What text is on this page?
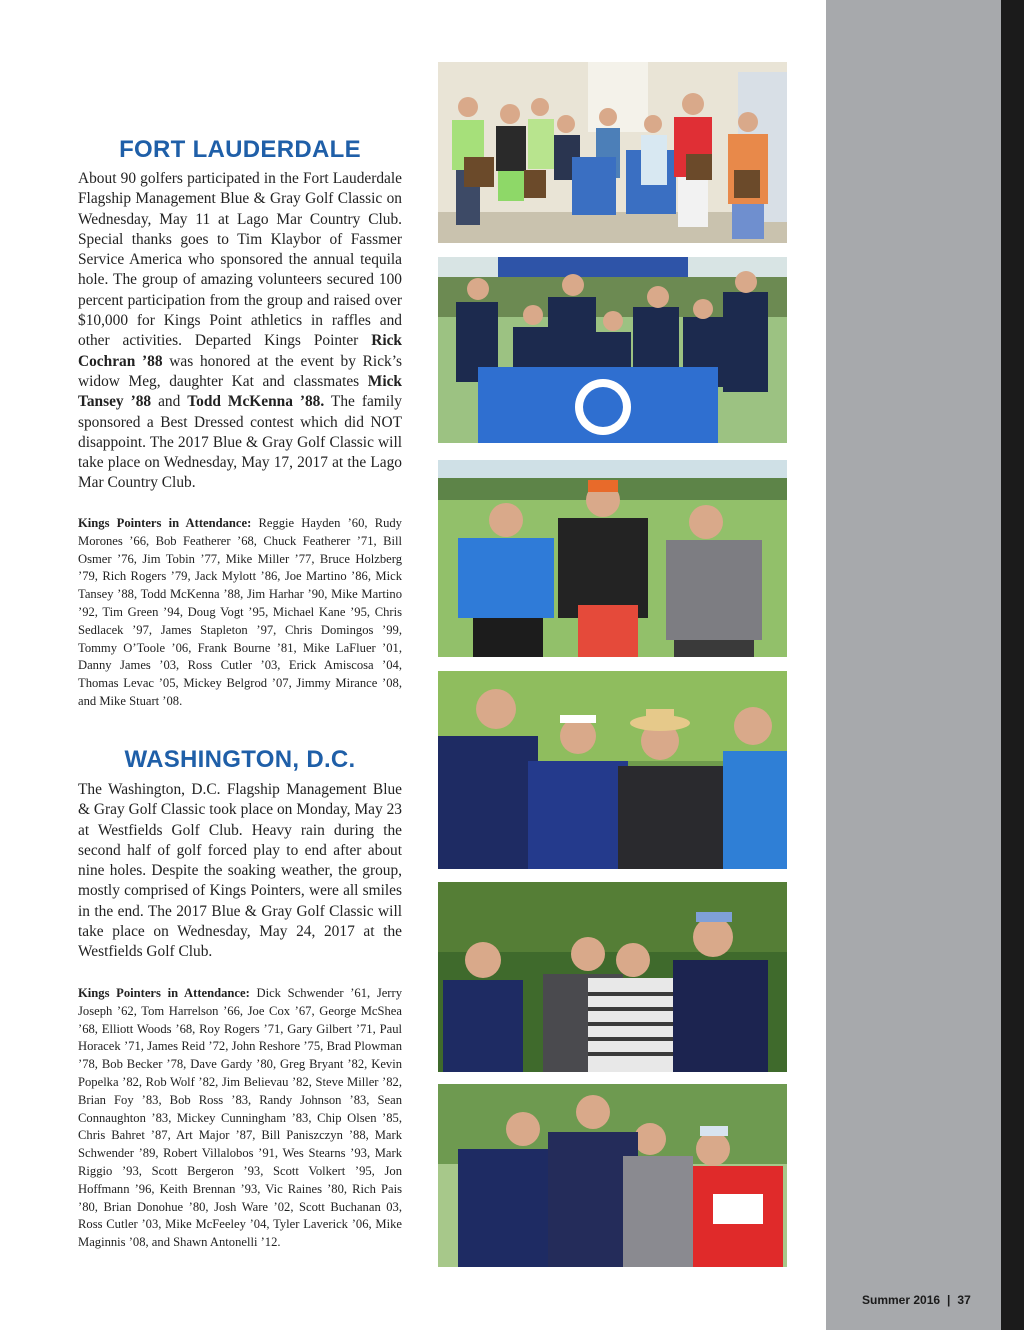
FORT LAUDERDALE

About 90 golfers participated in the Fort Lauderdale Flagship Management Blue & Gray Golf Classic on Wednesday, May 11 at Lago Mar Country Club. Special thanks goes to Tim Klaybor of Fassmer Service America who sponsored the annual tequila hole. The group of amazing volunteers secured 100 percent participation from the group and raised over $10,000 for Kings Point athletics in raffles and other activities. Departed Kings Pointer Rick Cochran ’88 was honored at the event by Rick’s widow Meg, daughter Kat and classmates Mick Tansey ’88 and Todd McKenna ’88. The family sponsored a Best Dressed contest which did NOT disappoint. The 2017 Blue & Gray Golf Classic will take place on Wednesday, May 17, 2017 at the Lago Mar Country Club.

Kings Pointers in Attendance: Reggie Hayden ’60, Rudy Morones ’66, Bob Featherer ’68, Chuck Featherer ’71, Bill Osmer ’76, Jim Tobin ’77, Mike Miller ’77, Bruce Holzberg ’79, Rich Rogers ’79, Jack Mylott ’86, Joe Martino ’86, Mick Tansey ’88, Todd McKenna ’88, Jim Harhar ’90, Mike Martino ’92, Tim Green ’94, Doug Vogt ’95, Michael Kane ’95, Chris Sedlacek ’97, James Stapleton ’97, Chris Domingos ’99, Tommy O’Toole ’06, Frank Bourne ’81, Mike LaFluer ’01, Danny James ’03, Ross Cutler ’03, Erick Amiscosa ’04, Thomas Levac ’05, Mickey Belgrod ’07, Jimmy Mirance ’08, and Mike Stuart ’08.

WASHINGTON, D.C.

The Washington, D.C. Flagship Management Blue & Gray Golf Classic took place on Monday, May 23 at Westfields Golf Club. Heavy rain during the second half of golf forced play to end after about nine holes. Despite the soaking weather, the group, mostly comprised of Kings Pointers, were all smiles in the end. The 2017 Blue & Gray Golf Classic will take place on Wednesday, May 24, 2017 at the Westfields Golf Club.

Kings Pointers in Attendance: Dick Schwender ’61, Jerry Joseph ’62, Tom Harrelson ’66, Joe Cox ’67, George McShea ’68, Elliott Woods ’68, Roy Rogers ’71, Gary Gilbert ’71, Paul Horacek ’71, James Reid ’72, John Reshore ’75, Brad Plowman ’78, Bob Becker ’78, Dave Gardy ’80, Greg Bryant ’82, Kevin Popelka ’82, Rob Wolf ’82, Jim Believau ’82, Steve Miller ’82, Brian Foy ’83, Bob Ross ’83, Randy Johnson ’83, Sean Connaughton ’83, Mickey Cunningham ’83, Chip Olsen ’85, Chris Bahret ’87, Art Major ’87, Bill Paniszczyn ’88, Mark Schwender ’89, Robert Villalobos ’91, Wes Stearns ’93, Mark Riggio ’93, Scott Bergeron ’93, Scott Volkert ’95, Jon Hoffmann ’96, Keith Brennan ’93, Vic Raines ’80, Rich Pais ’80, Brian Donohue ’80, Josh Ware ’02, Scott Buchanan 03, Ross Cutler ’03, Mike McFeeley ’04, Tyler Laverick ’06, Mike Maginnis ’08, and Shawn Antonelli ’12.

Summer 2016 | 37
